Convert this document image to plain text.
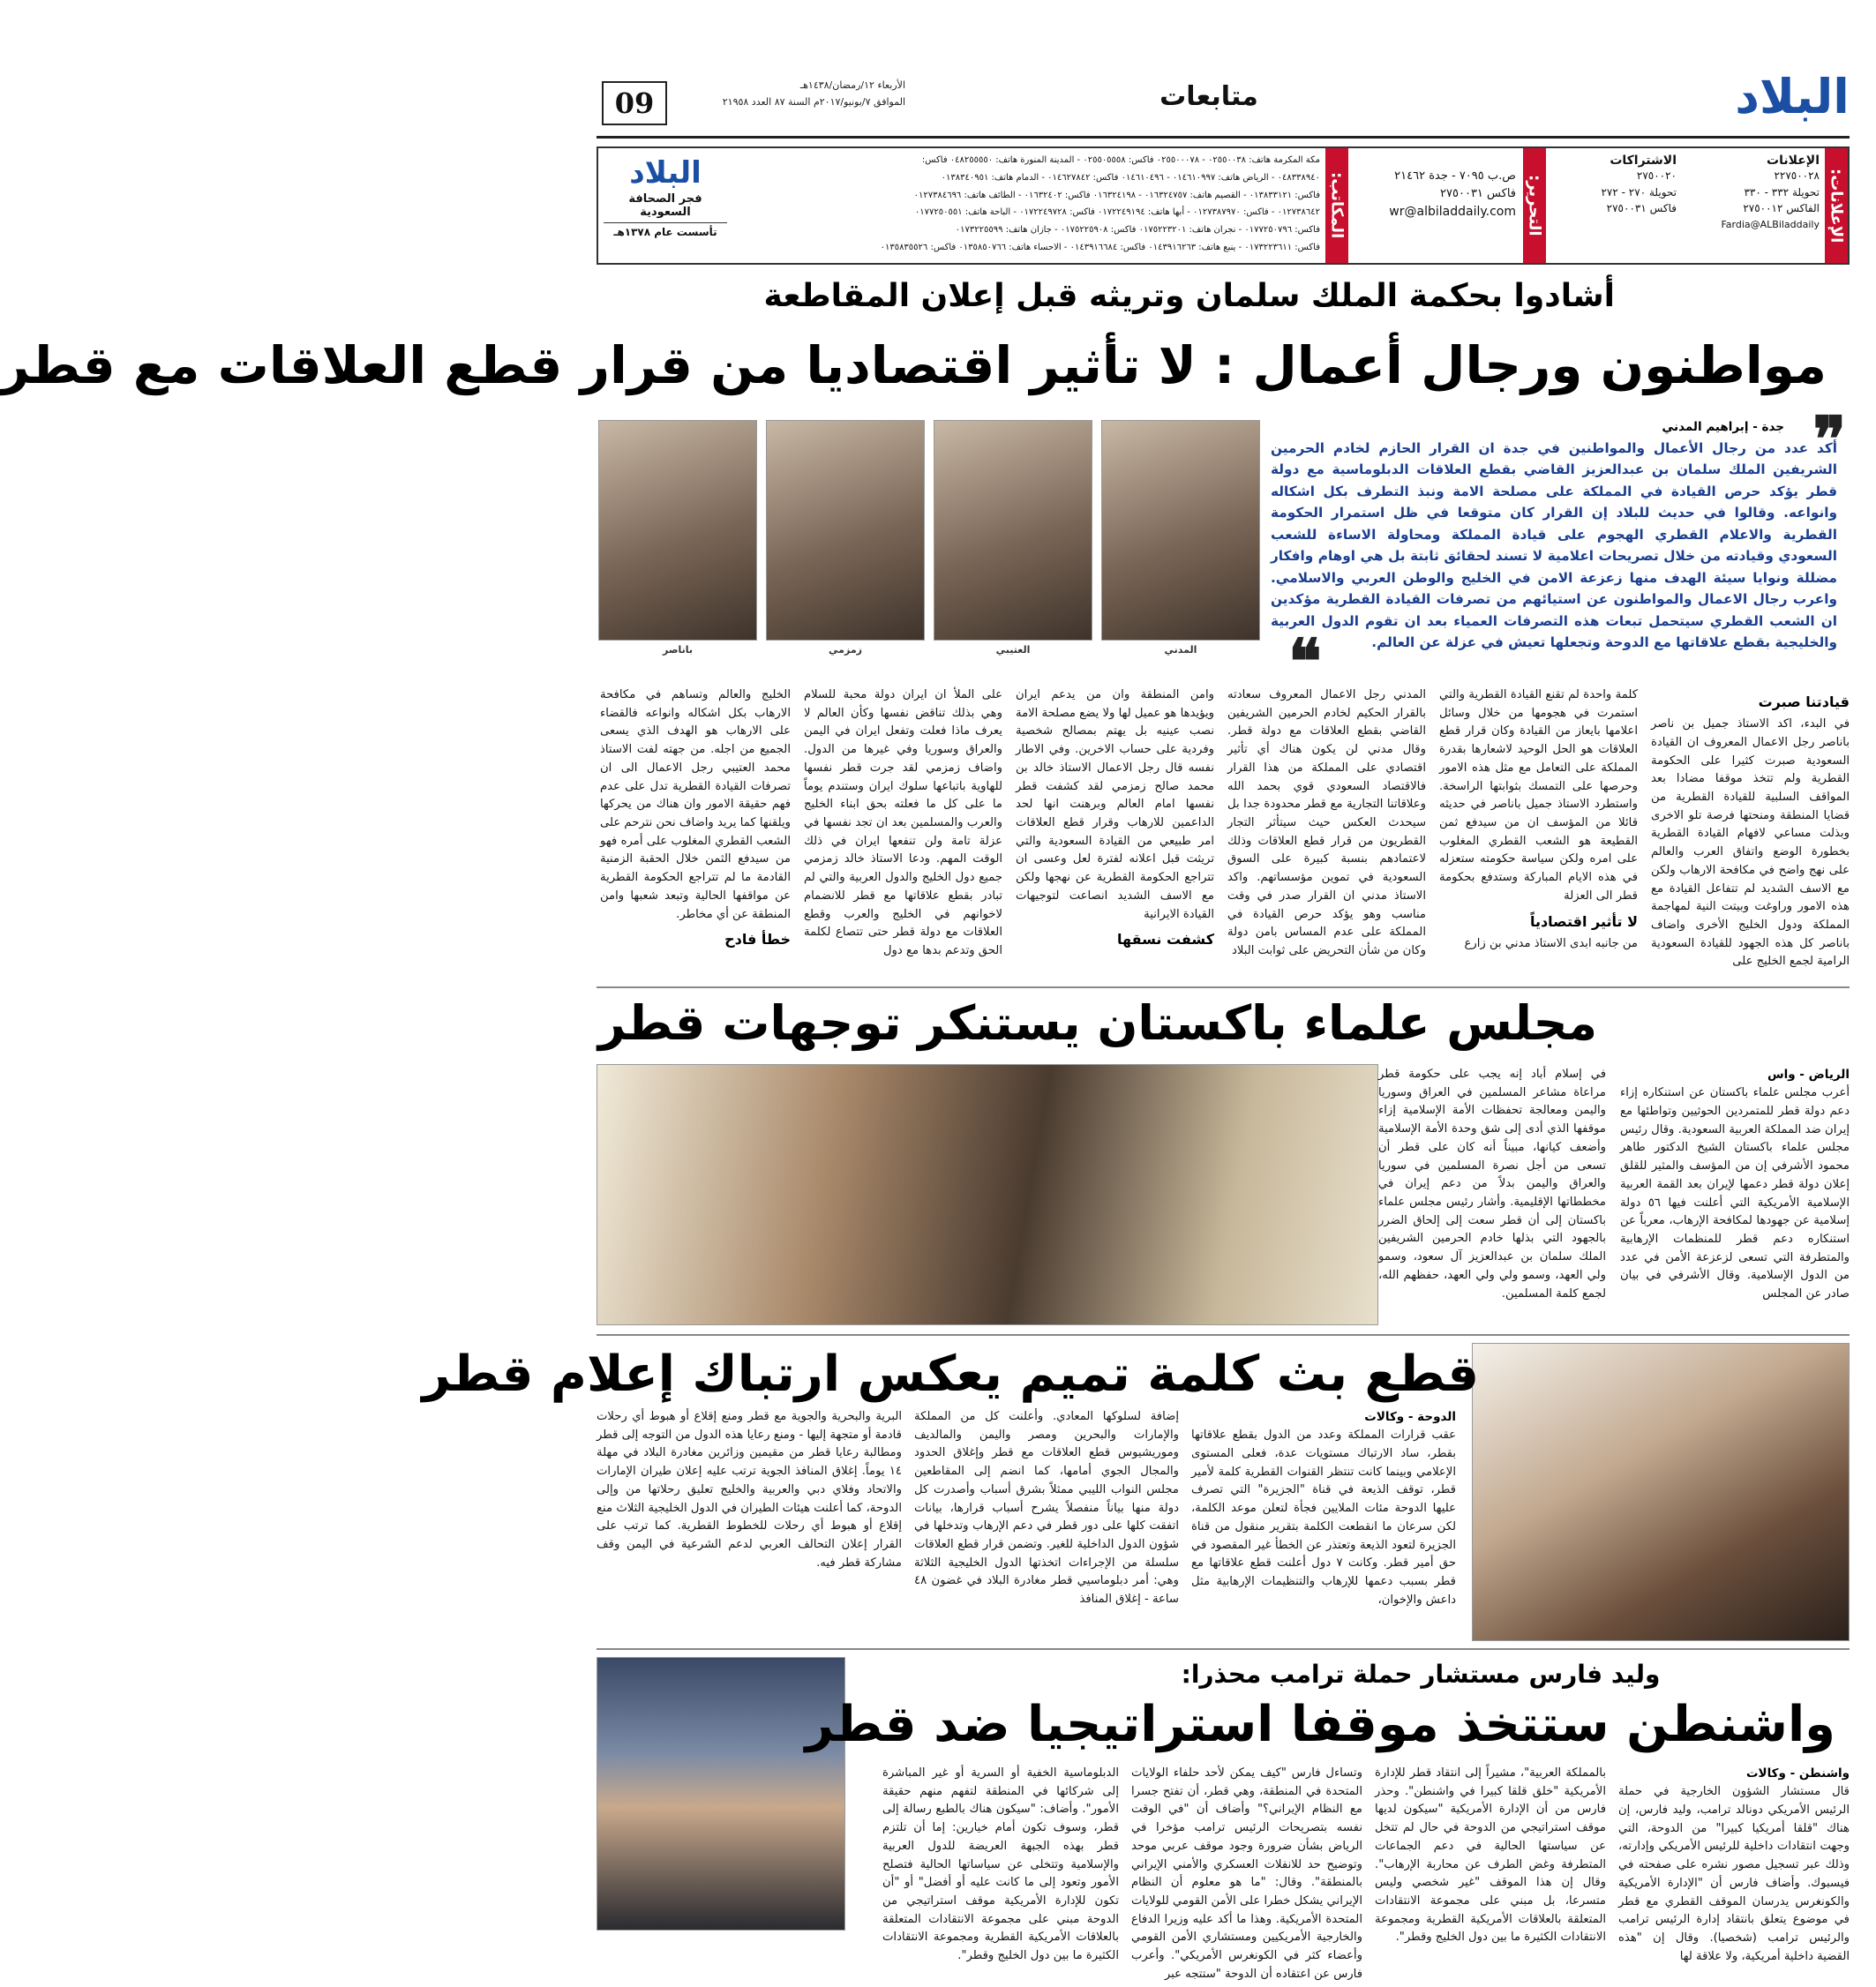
البلاد
متابعات
09
الأربعاء ١٢/رمضان/١٤٣٨هـ
الموافق ٧/يونيو/٢٠١٧م السنة ٨٧ العدد ٢١٩٥٨
الإعلانات:
الإعلانات
٢٢٧٥٠٠٢٨
تحويلة ٣٣٢ - ٣٣٠
الفاكس ٢٧٥٠٠١٢
Fardia@ALBiladdaily
الاشتراكات
٢٧٥٠٠٢٠
تحويلة ٢٧٠ - ٢٧٢
فاكس ٢٧٥٠٠٣١
التحرير:
ص.ب ٧٠٩٥ - جدة ٢١٤٦٢
فاكس ٢٧٥٠٠٣١
wr@albiladdaily.com
المكاتب:
مكة المكرمة هاتف: ٠٢٥٥٠٠٣٨ - ٠٢٥٥٠٠٠٧٨ فاكس: ٠٢٥٥٠٥٥٥٨ - المدينة المنورة هاتف: ٠٤٨٢٥٥٥٥٠ فاكس:
٠٤٨٣٣٨٩٤٠ - الرياض هاتف: ٠١٤٦١٠٩٩٧ - ٠١٤٦١٠٤٩٦ فاكس: ٠١٤٦٢٧٨٤٢ - الدمام هاتف: ٠١٣٨٣٤٠٩٥١
فاكس: ٠١٣٨٣٣١٢١ - القصيم هاتف: ٠١٦٣٢٤٧٥٧ - ٠١٦٣٢٤١٩٨ فاكس: ٠١٦٣٢٤٠٢ - الطائف هاتف: ٠١٢٧٣٨٤٦٩٦
٠١٢٧٣٨٦٤٢ - فاكس: ٠١٢٧٣٨٧٩٧٠ - أبها هاتف: ٠١٧٢٢٤٩١٩٤ فاكس: ٠١٧٢٢٤٩٧٢٨ - الباحة هاتف: ٠١٧٧٢٥٠٥٥١
فاكس: ٠١٧٧٢٥٠٧٩٦ - نجران هاتف: ٠١٧٥٢٢٣٢٠١ فاكس: ٠١٧٥٢٢٥٩٠٨ - جازان هاتف: ٠١٧٣٢٢٥٥٩٩
فاكس: ٠١٧٣٢٢٣٦١١ - ينبع هاتف: ٠١٤٣٩١٦٢٦٣ فاكس: ٠١٤٣٩١٦٦٨٤ - الاحساء هاتف: ٠١٣٥٨٥٠٧٦٦ فاكس: ٠١٣٥٨٣٥٥٢٦
البلاد
فجر الصحافة السعودية
تأسست عام ١٣٧٨هـ
أشادوا بحكمة الملك سلمان وتريثه قبل إعلان المقاطعة
مواطنون ورجال أعمال : لا تأثير اقتصاديا من قرار قطع العلاقات مع قطر
المدني
العتيبي
زمزمي
باناصر
❞
جدة - إبراهيم المدني
أكد عدد من رجال الأعمال والمواطنين في جدة ان القرار الحازم لخادم الحرمين الشريفين الملك سلمان بن عبدالعزيز القاضي بقطع العلاقات الدبلوماسية مع دولة قطر يؤكد حرص القيادة في المملكة على مصلحة الامة ونبذ التطرف بكل اشكاله وانواعه. وقالوا في حديث للبلاد إن القرار كان متوقعا في ظل استمرار الحكومة القطرية والاعلام القطري الهجوم على قيادة المملكة ومحاولة الاساءة للشعب السعودي وقيادته من خلال تصريحات اعلامية لا تسند لحقائق ثابتة بل هي اوهام وافكار مضللة ونوايا سيئة الهدف منها زعزعة الامن في الخليج والوطن العربي والاسلامي. واعرب رجال الاعمال والمواطنون عن استيائهم من تصرفات القيادة القطرية مؤكدين ان الشعب القطري سيتحمل تبعات هذه التصرفات العمياء بعد ان تقوم الدول العربية والخليجية بقطع علاقاتها مع الدوحة وتجعلها تعيش في عزلة عن العالم.
❝
قيادتنا صبرت

في البدء، اكد الاستاذ جميل بن ناصر باناصر رجل الاعمال المعروف ان القيادة السعودية صبرت كثيرا على الحكومة القطرية ولم تتخذ موقفا مضادا بعد المواقف السلبية للقيادة القطرية من قضايا المنطقة ومنحتها فرصة تلو الاخرى وبذلت مساعي لافهام القيادة القطرية بخطورة الوضع واتفاق العرب والعالم على نهج واضح في مكافحة الارهاب ولكن مع الاسف الشديد لم تتفاعل القيادة مع هذه الامور وراوغت وبيتت النية لمهاجمة المملكة ودول الخليج الأخرى واضاف باناصر كل هذه الجهود للقيادة السعودية الرامية لجمع الخليج على

كلمة واحدة لم تقنع القيادة القطرية والتي استمرت في هجومها من خلال وسائل اعلامها بايعاز من القيادة وكان قرار قطع العلاقات هو الحل الوحيد لاشعارها بقدرة المملكة على التعامل مع مثل هذه الامور وحرصها على التمسك بثوابتها الراسخة. واستطرد الاستاذ جميل باناصر في حديثه قائلا من المؤسف ان من سيدفع ثمن القطيعة هو الشعب القطري المغلوب على امره ولكن سياسة حكومته ستعزله في هذه الايام المباركة وستدفع بحكومة قطر الى العزلة

لا تأثير اقتصادياً

من جانبه ابدى الاستاذ مدني بن زارع

المدني رجل الاعمال المعروف سعادته بالقرار الحكيم لخادم الحرمين الشريفين القاضي بقطع العلاقات مع دولة قطر. وقال مدني لن يكون هناك أي تأثير اقتصادي على المملكة من هذا القرار فالاقتصاد السعودي قوي بحمد الله وعلاقاتنا التجارية مع قطر محدودة جدا بل سيحدث العكس حيث سيتأثر التجار القطريون من قرار قطع العلاقات وذلك لاعتمادهم بنسبة كبيرة على السوق السعودية في تموين مؤسساتهم. واكد الاستاذ مدني ان القرار صدر في وقت مناسب وهو يؤكد حرص القيادة في المملكة على عدم المساس بامن دولة وكان من شأن التحريض على ثوابت البلاد

وامن المنطقة وان من يدعم ايران ويؤيدها هو عميل لها ولا يضع مصلحة الامة نصب عينيه بل يهتم بمصالح شخصية وفردية على حساب الاخرين. وفي الاطار نفسه قال رجل الاعمال الاستاذ خالد بن محمد صالح زمزمي لقد كشفت قطر نفسها امام العالم وبرهنت انها لحد الداعمين للارهاب وقرار قطع العلاقات امر طبيعي من القيادة السعودية والتي تريثت قبل اعلانه لفترة لعل وعسى ان تتراجع الحكومة القطرية عن نهجها ولكن مع الاسف الشديد انصاعت لتوجيهات القيادة الايرانية

كشفت نسقها

على الملأ ان ايران دولة محبة للسلام وهي بذلك تناقض نفسها وكأن العالم لا يعرف ماذا فعلت وتفعل ايران في اليمن والعراق وسوريا وفي غيرها من الدول. واضاف زمزمي لقد جرت قطر نفسها للهاوية باتباعها سلوك ايران وستندم يوماً ما على كل ما فعلته بحق ابناء الخليج والعرب والمسلمين بعد ان تجد نفسها في عزلة تامة ولن تنفعها ايران في ذلك الوقت المهم. ودعا الاستاذ خالد زمزمي جميع دول الخليج والدول العربية والتي لم تبادر بقطع علاقاتها مع قطر للانضمام لاخوانهم في الخليج والعرب وقطع العلاقات مع دولة قطر حتى تتصاع لكلمة الحق وتدعم بدها مع دول

الخليج والعالم وتساهم في مكافحة الارهاب بكل اشكاله وانواعه فالقضاء على الارهاب هو الهدف الذي يسعى الجميع من اجله. من جهته لفت الاستاذ محمد العتيبي رجل الاعمال الى ان تصرفات القيادة القطرية تدل على عدم فهم حقيقة الامور وان هناك من يحركها ويلقنها كما يريد واضاف نحن نترحم على الشعب القطري المغلوب على أمره فهو من سيدفع الثمن خلال الحقبة الزمنية القادمة ما لم تتراجع الحكومة القطرية عن مواقفها الحالية وتبعد شعبها وامن المنطقة عن أي مخاطر.

خطأ فادح
مجلس علماء باكستان يستنكر توجهات قطر
الرياض - واس

أعرب مجلس علماء باكستان عن استنكاره إزاء دعم دولة قطر للمتمردين الحوثيين وتواطئها مع إيران ضد المملكة العربية السعودية. وقال رئيس مجلس علماء باكستان الشيخ الدكتور طاهر محمود الأشرفي إن من المؤسف والمثير للقلق إعلان دولة قطر دعمها لإيران بعد القمة العربية الإسلامية الأمريكية التي أعلنت فيها ٥٦ دولة إسلامية عن جهودها لمكافحة الإرهاب، معرباً عن استنكاره دعم قطر للمنظمات الإرهابية والمتطرفة التي تسعى لزعزعة الأمن في عدد من الدول الإسلامية. وقال الأشرفي في بيان صادر عن المجلس

في إسلام أباد إنه يجب على حكومة قطر مراعاة مشاعر المسلمين في العراق وسوريا واليمن ومعالجة تحفظات الأمة الإسلامية إزاء موقفها الذي أدى إلى شق وحدة الأمة الإسلامية وأضعف كيانها، مبيناً أنه كان على قطر أن تسعى من أجل نصرة المسلمين في سوريا والعراق واليمن بدلاً من دعم إيران في مخططاتها الإقليمية. وأشار رئيس مجلس علماء باكستان إلى أن قطر سعت إلى إلحاق الضرر بالجهود التي بذلها خادم الحرمين الشريفين الملك سلمان بن عبدالعزيز آل سعود، وسمو ولي العهد، وسمو ولي ولي العهد، حفظهم الله، لجمع كلمة المسلمين.

قطع بث كلمة تميم يعكس ارتباك إعلام قطر
الدوحة - وكالات

عقب قرارات المملكة وعدد من الدول بقطع علاقاتها بقطر، ساد الارتباك مستويات عدة، فعلى المستوى الإعلامي وبينما كانت تنتظر القنوات القطرية كلمة لأمير قطر، توقف الذيعة في قناة "الجزيرة" التي تصرف عليها الدوحة مئات الملايين فجأة لتعلن موعد الكلمة، لكن سرعان ما انقطعت الكلمة بتقرير منقول من قناة الجزيرة لتعود الذيعة وتعتذر عن الخطأ غير المقصود في حق أمير قطر. وكانت ٧ دول أعلنت قطع علاقاتها مع قطر بسبب دعمها للإرهاب والتنظيمات الإرهابية مثل داعش والإخوان،

إضافة لسلوكها المعادي. وأعلنت كل من المملكة والإمارات والبحرين ومصر واليمن والمالديف وموريشيوس قطع العلاقات مع قطر وإغلاق الحدود والمجال الجوي أمامها، كما انضم إلى المقاطعين مجلس النواب الليبي ممثلاً بشرق أسباب وأصدرت كل دولة منها بياناً منفصلاً يشرح أسباب قرارها، بيانات اتفقت كلها على دور قطر في دعم الإرهاب وتدخلها في شؤون الدول الداخلية للغير. وتضمن قرار قطع العلاقات سلسلة من الإجراءات اتخذتها الدول الخليجية الثلاثة وهي: أمر دبلوماسيي قطر مغادرة البلاد في غضون ٤٨ ساعة - إغلاق المنافذ

البرية والبحرية والجوية مع قطر ومنع إقلاع أو هبوط أي رحلات قادمة أو متجهة إليها - ومنع رعايا هذه الدول من التوجه إلى قطر ومطالبة رعايا قطر من مقيمين وزائرين مغادرة البلاد في مهلة ١٤ يوماً. إغلاق المنافذ الجوية ترتب عليه إعلان طيران الإمارات والاتحاد وفلاي دبي والعربية والخليج تعليق رحلاتها من وإلى الدوحة، كما أعلنت هيئات الطيران في الدول الخليجية الثلاث منع إقلاع أو هبوط أي رحلات للخطوط القطرية. كما ترتب على القرار إعلان التحالف العربي لدعم الشرعية في اليمن وقف مشاركة قطر فيه.

وليد فارس مستشار حملة ترامب محذرا:
واشنطن ستتخذ موقفا استراتيجيا ضد قطر
واشنطن - وكالات

قال مستشار الشؤون الخارجية في حملة الرئيس الأمريكي دونالد ترامب، وليد فارس، إن هناك "قلقا أمريكيا كبيرا" من الدوحة، التي وجهت انتقادات داخلية للرئيس الأمريكي وإدارته، وذلك عبر تسجيل مصور نشره على صفحته في فيسبوك. وأضاف فارس أن "الإدارة الأمريكية والكونغرس يدرسان الموقف القطري مع قطر في موضوع يتعلق بانتقاد إدارة الرئيس ترامب والرئيس ترامب (شخصيا). وقال إن "هذه القضية داخلية أمريكية، ولا علاقة لها

بالمملكة العربية"، مشيراً إلى انتقاد قطر للإدارة الأمريكية "خلق قلقا كبيرا في واشنطن". وحذر فارس من أن الإدارة الأمريكية "سيكون لديها موقف استراتيجي من الدوحة في حال لم تتخل عن سياستها الحالية في دعم الجماعات المتطرفة وغض الطرف عن محاربة الإرهاب". وقال إن هذا الموقف "غير شخصي وليس متسرعا، بل مبني على مجموعة الانتقادات المتعلقة بالعلاقات الأمريكية القطرية ومجموعة الانتقادات الكثيرة ما بين دول الخليج وقطر".

وتساءل فارس "كيف يمكن لأحد حلفاء الولايات المتحدة في المنطقة، وهي قطر، أن تفتح جسرا مع النظام الإيراني؟" وأضاف أن "في الوقت نفسه بتصريحات الرئيس ترامب مؤخرا في الرياض بشأن ضرورة وجود موقف عربي موحد وتوضيح حد للانفلات العسكري والأمني الإيراني بالمنطقة". وقال: "ما هو معلوم أن النظام الإيراني يشكل خطرا على الأمن القومي للولايات المتحدة الأمريكية. وهذا ما أكد عليه وزيرا الدفاع والخارجية الأمريكيين ومستشاري الأمن القومي وأعضاء كثر في الكونغرس الأمريكي". وأعرب فارس عن اعتقاده أن الدوحة "ستتجه عبر

الدبلوماسية الخفية أو السرية أو غير المباشرة إلى شركائها في المنطقة لتفهم منهم حقيقة الأمور". وأضاف: "سيكون هناك بالطبع رسالة إلى قطر، وسوف تكون أمام خيارين: إما أن تلتزم قطر بهذه الجبهة العريضة للدول العربية والإسلامية وتتخلى عن سياساتها الحالية فتصلح الأمور وتعود إلى ما كانت عليه أو أفضل" أو "أن تكون للإدارة الأمريكية موقف استراتيجي من الدوحة مبني على مجموعة الانتقادات المتعلقة بالعلاقات الأمريكية القطرية ومجموعة الانتقادات الكثيرة ما بين دول الخليج وقطر".
